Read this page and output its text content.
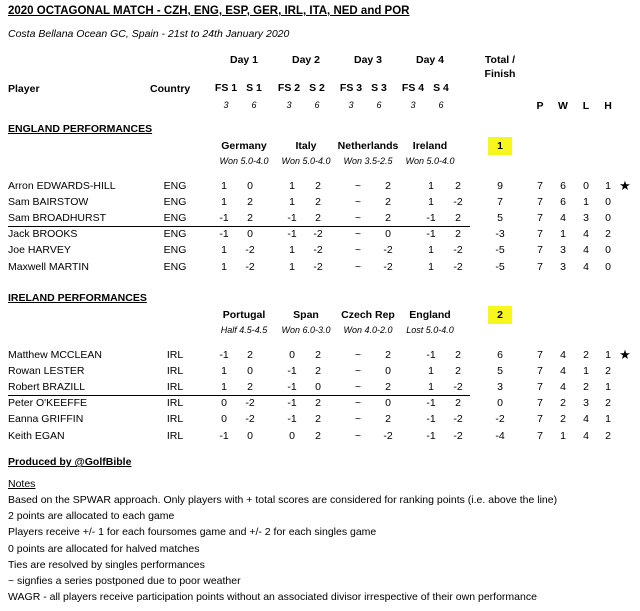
2020 OCTAGONAL MATCH - CZH, ENG, ESP, GER, IRL, ITA, NED and POR
Costa Bellana Ocean GC, Spain - 21st to 24th January 2020
Day 1
FS 1 S 1
3	6
Day 2
FS 2 S 2
3	6
Day 3
FS 3 S 3
3	6
Day 4
FS 4 S 4
3	6
Total /
Finish
Player	Country
P	W	L	H
ENGLAND PERFORMANCES
Germany
Won 5.0-4.0
Italy
Won 5.0-4.0
Netherlands
Won 3.5-2.5
Ireland
Won 5.0-4.0
1
Arron EDWARDS-HILL	ENG	1	0	1	2	~	2	1	2	9	7	6	0	1 ★
Sam BAIRSTOW	ENG	1	2	1	2	~	2	1	-2	7	7	6	1	0
Sam BROADHURST	ENG	-1	2	-1	2	~	2	-1	2	5	7	4	3	0
Jack BROOKS	ENG	-1	0	-1	-2	~	0	-1	2	-3	7	1	4	2
Joe HARVEY	ENG	1	-2	1	-2	~	-2	1	-2	-5	7	3	4	0
Maxwell MARTIN	ENG	1	-2	1	-2	~	-2	1	-2	-5	7	3	4	0
IRELAND PERFORMANCES
Portugal
Half 4.5-4.5
Span
Won 6.0-3.0
Czech Rep
Won 4.0-2.0
England
Lost 5.0-4.0
2
Matthew MCCLEAN	IRL	-1	2	0	2	~	2	-1	2	6	7	4	2	1 ★
Rowan LESTER	IRL	1	0	-1	2	~	0	1	2	5	7	4	1	2
Robert BRAZILL	IRL	1	2	-1	0	~	2	1	-2	3	7	4	2	1
Peter O'KEEFFE	IRL	0	-2	-1	2	~	0	-1	2	0	7	2	3	2
Eanna GRIFFIN	IRL	0	-2	-1	2	~	2	-1	-2	-2	7	2	4	1
Keith EGAN	IRL	-1	0	0	2	~	-2	-1	-2	-4	7	1	4	2
Produced by @GolfBible
Notes
Based on the SPWAR approach. Only players with + total scores are considered for ranking points (i.e. above the line)
2 points are allocated to each game
Players receive +/- 1 for each foursomes game and +/- 2 for each singles game
0 points are allocated for halved matches
Ties are resolved by singles performances
~ signfies a series postponed due to poor weather
WAGR - all players receive participation points without an associated divisor irrespective of their own performance
